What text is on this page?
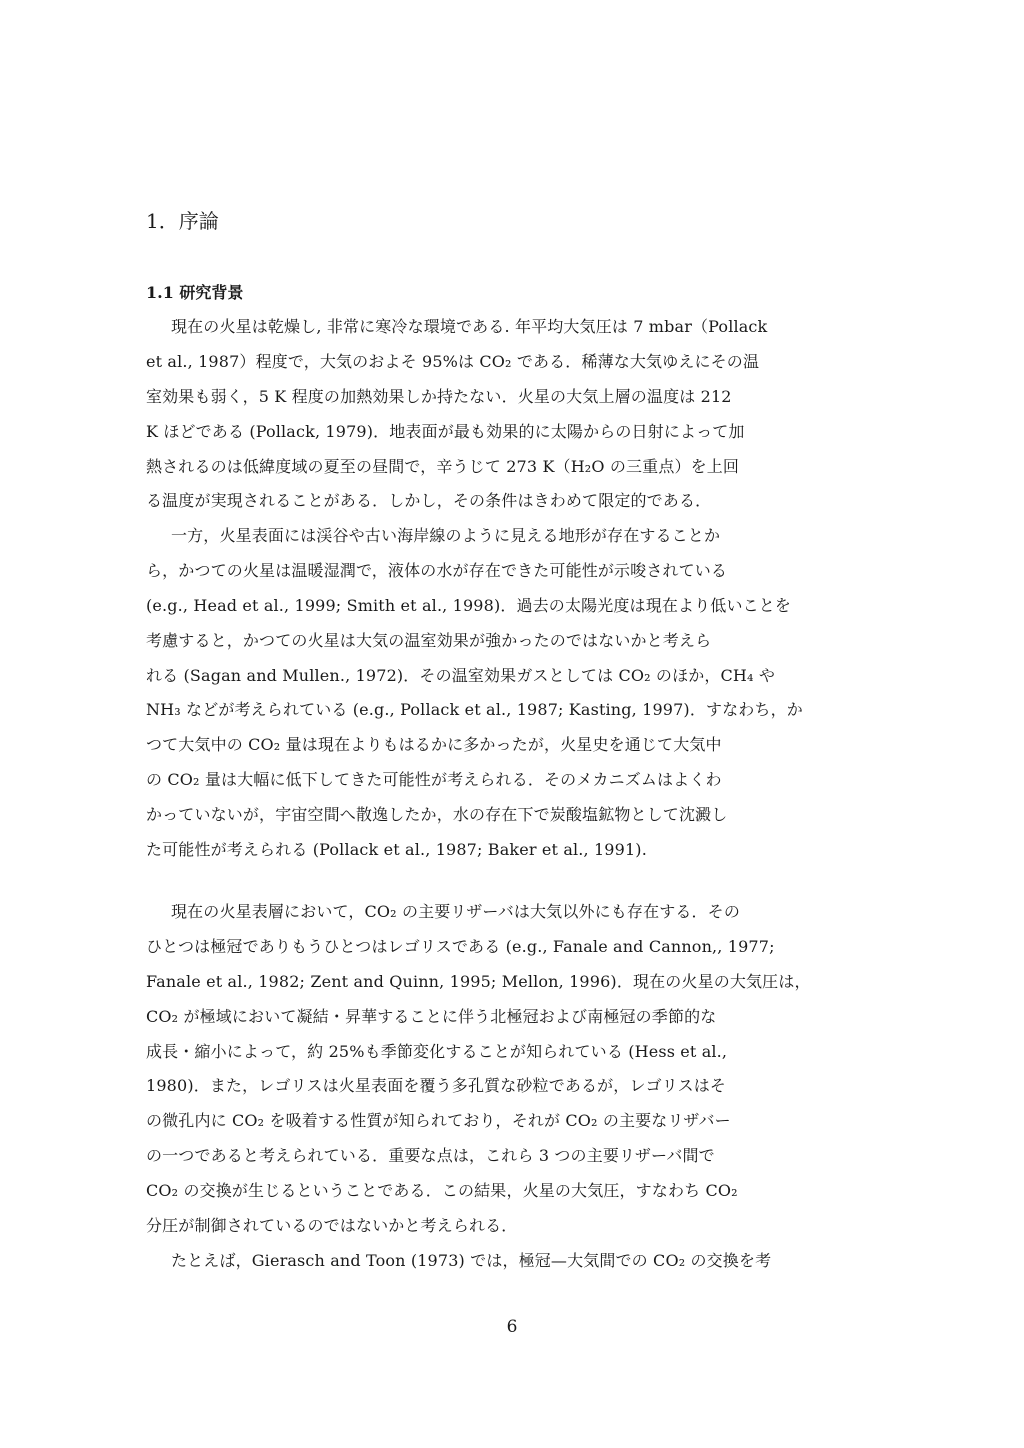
1．序論
1.1 研究背景
現在の火星は乾燥し, 非常に寒冷な環境である. 年平均大気圧は 7 mbar（Pollack
et al., 1987）程度で，大気のおよそ 95%は CO₂ である．稀薄な大気ゆえにその温
室効果も弱く，5 K 程度の加熱効果しか持たない．火星の大気上層の温度は 212
K ほどである (Pollack, 1979)．地表面が最も効果的に太陽からの日射によって加
熱されるのは低緯度域の夏至の昼間で，辛うじて 273 K（H₂O の三重点）を上回
る温度が実現されることがある．しかし，その条件はきわめて限定的である．
一方，火星表面には渓谷や古い海岸線のように見える地形が存在することか
ら，かつての火星は温暖湿潤で，液体の水が存在できた可能性が示唆されている
(e.g., Head et al., 1999; Smith et al., 1998)．過去の太陽光度は現在より低いことを
考慮すると，かつての火星は大気の温室効果が強かったのではないかと考えら
れる (Sagan and Mullen., 1972)．その温室効果ガスとしては CO₂ のほか，CH₄ や
NH₃ などが考えられている (e.g., Pollack et al., 1987; Kasting, 1997)．すなわち，か
つて大気中の CO₂ 量は現在よりもはるかに多かったが，火星史を通じて大気中
の CO₂ 量は大幅に低下してきた可能性が考えられる．そのメカニズムはよくわ
かっていないが，宇宙空間へ散逸したか，水の存在下で炭酸塩鉱物として沈澱し
た可能性が考えられる (Pollack et al., 1987; Baker et al., 1991).
現在の火星表層において，CO₂ の主要リザーバは大気以外にも存在する．その
ひとつは極冠でありもうひとつはレゴリスである (e.g., Fanale and Cannon,, 1977;
Fanale et al., 1982; Zent and Quinn, 1995; Mellon, 1996)．現在の火星の大気圧は，
CO₂ が極域において凝結・昇華することに伴う北極冠および南極冠の季節的な
成長・縮小によって，約 25%も季節変化することが知られている (Hess et al.,
1980)．また，レゴリスは火星表面を覆う多孔質な砂粒であるが，レゴリスはそ
の微孔内に CO₂ を吸着する性質が知られており，それが CO₂ の主要なリザバー
の一つであると考えられている．重要な点は，これら 3 つの主要リザーバ間で
CO₂ の交換が生じるということである．この結果，火星の大気圧，すなわち CO₂
分圧が制御されているのではないかと考えられる．
たとえば，Gierasch and Toon (1973) では，極冠—大気間での CO₂ の交換を考
6
